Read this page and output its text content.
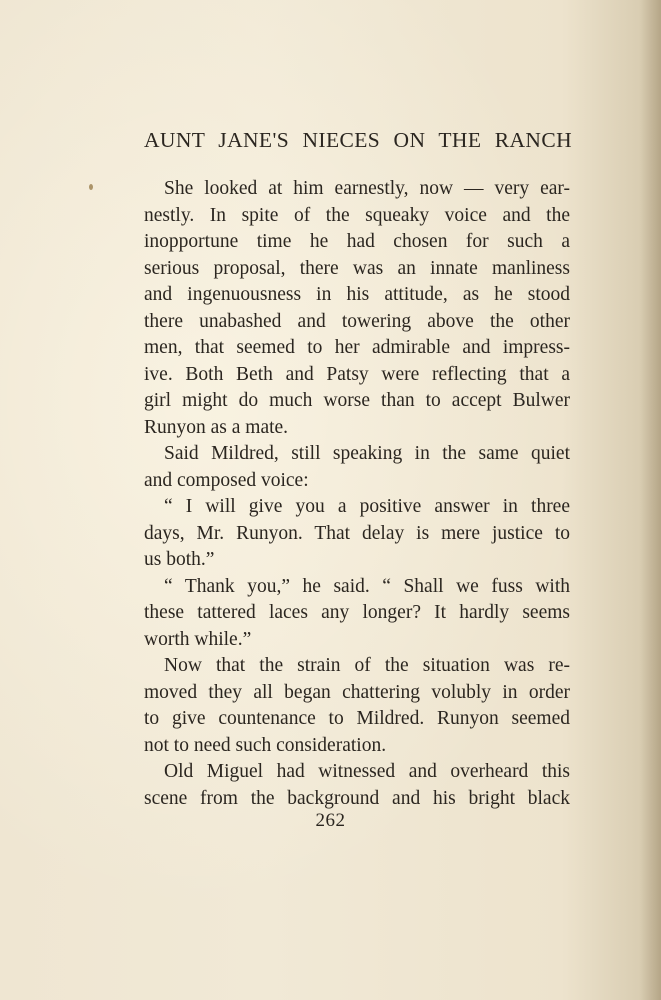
AUNT JANE'S NIECES ON THE RANCH
She looked at him earnestly, now — very ear-
nestly. In spite of the squeaky voice and the
inopportune time he had chosen for such a
serious proposal, there was an innate manliness
and ingenuousness in his attitude, as he stood
there unabashed and towering above the other
men, that seemed to her admirable and impress-
ive. Both Beth and Patsy were reflecting that a
girl might do much worse than to accept Bulwer
Runyon as a mate.
Said Mildred, still speaking in the same quiet
and composed voice:
“ I will give you a positive answer in three
days, Mr. Runyon. That delay is mere justice to
us both.”
“ Thank you,” he said. “ Shall we fuss with
these tattered laces any longer? It hardly seems
worth while.”
Now that the strain of the situation was re-
moved they all began chattering volubly in order
to give countenance to Mildred. Runyon seemed
not to need such consideration.
Old Miguel had witnessed and overheard this
scene from the background and his bright black
262
